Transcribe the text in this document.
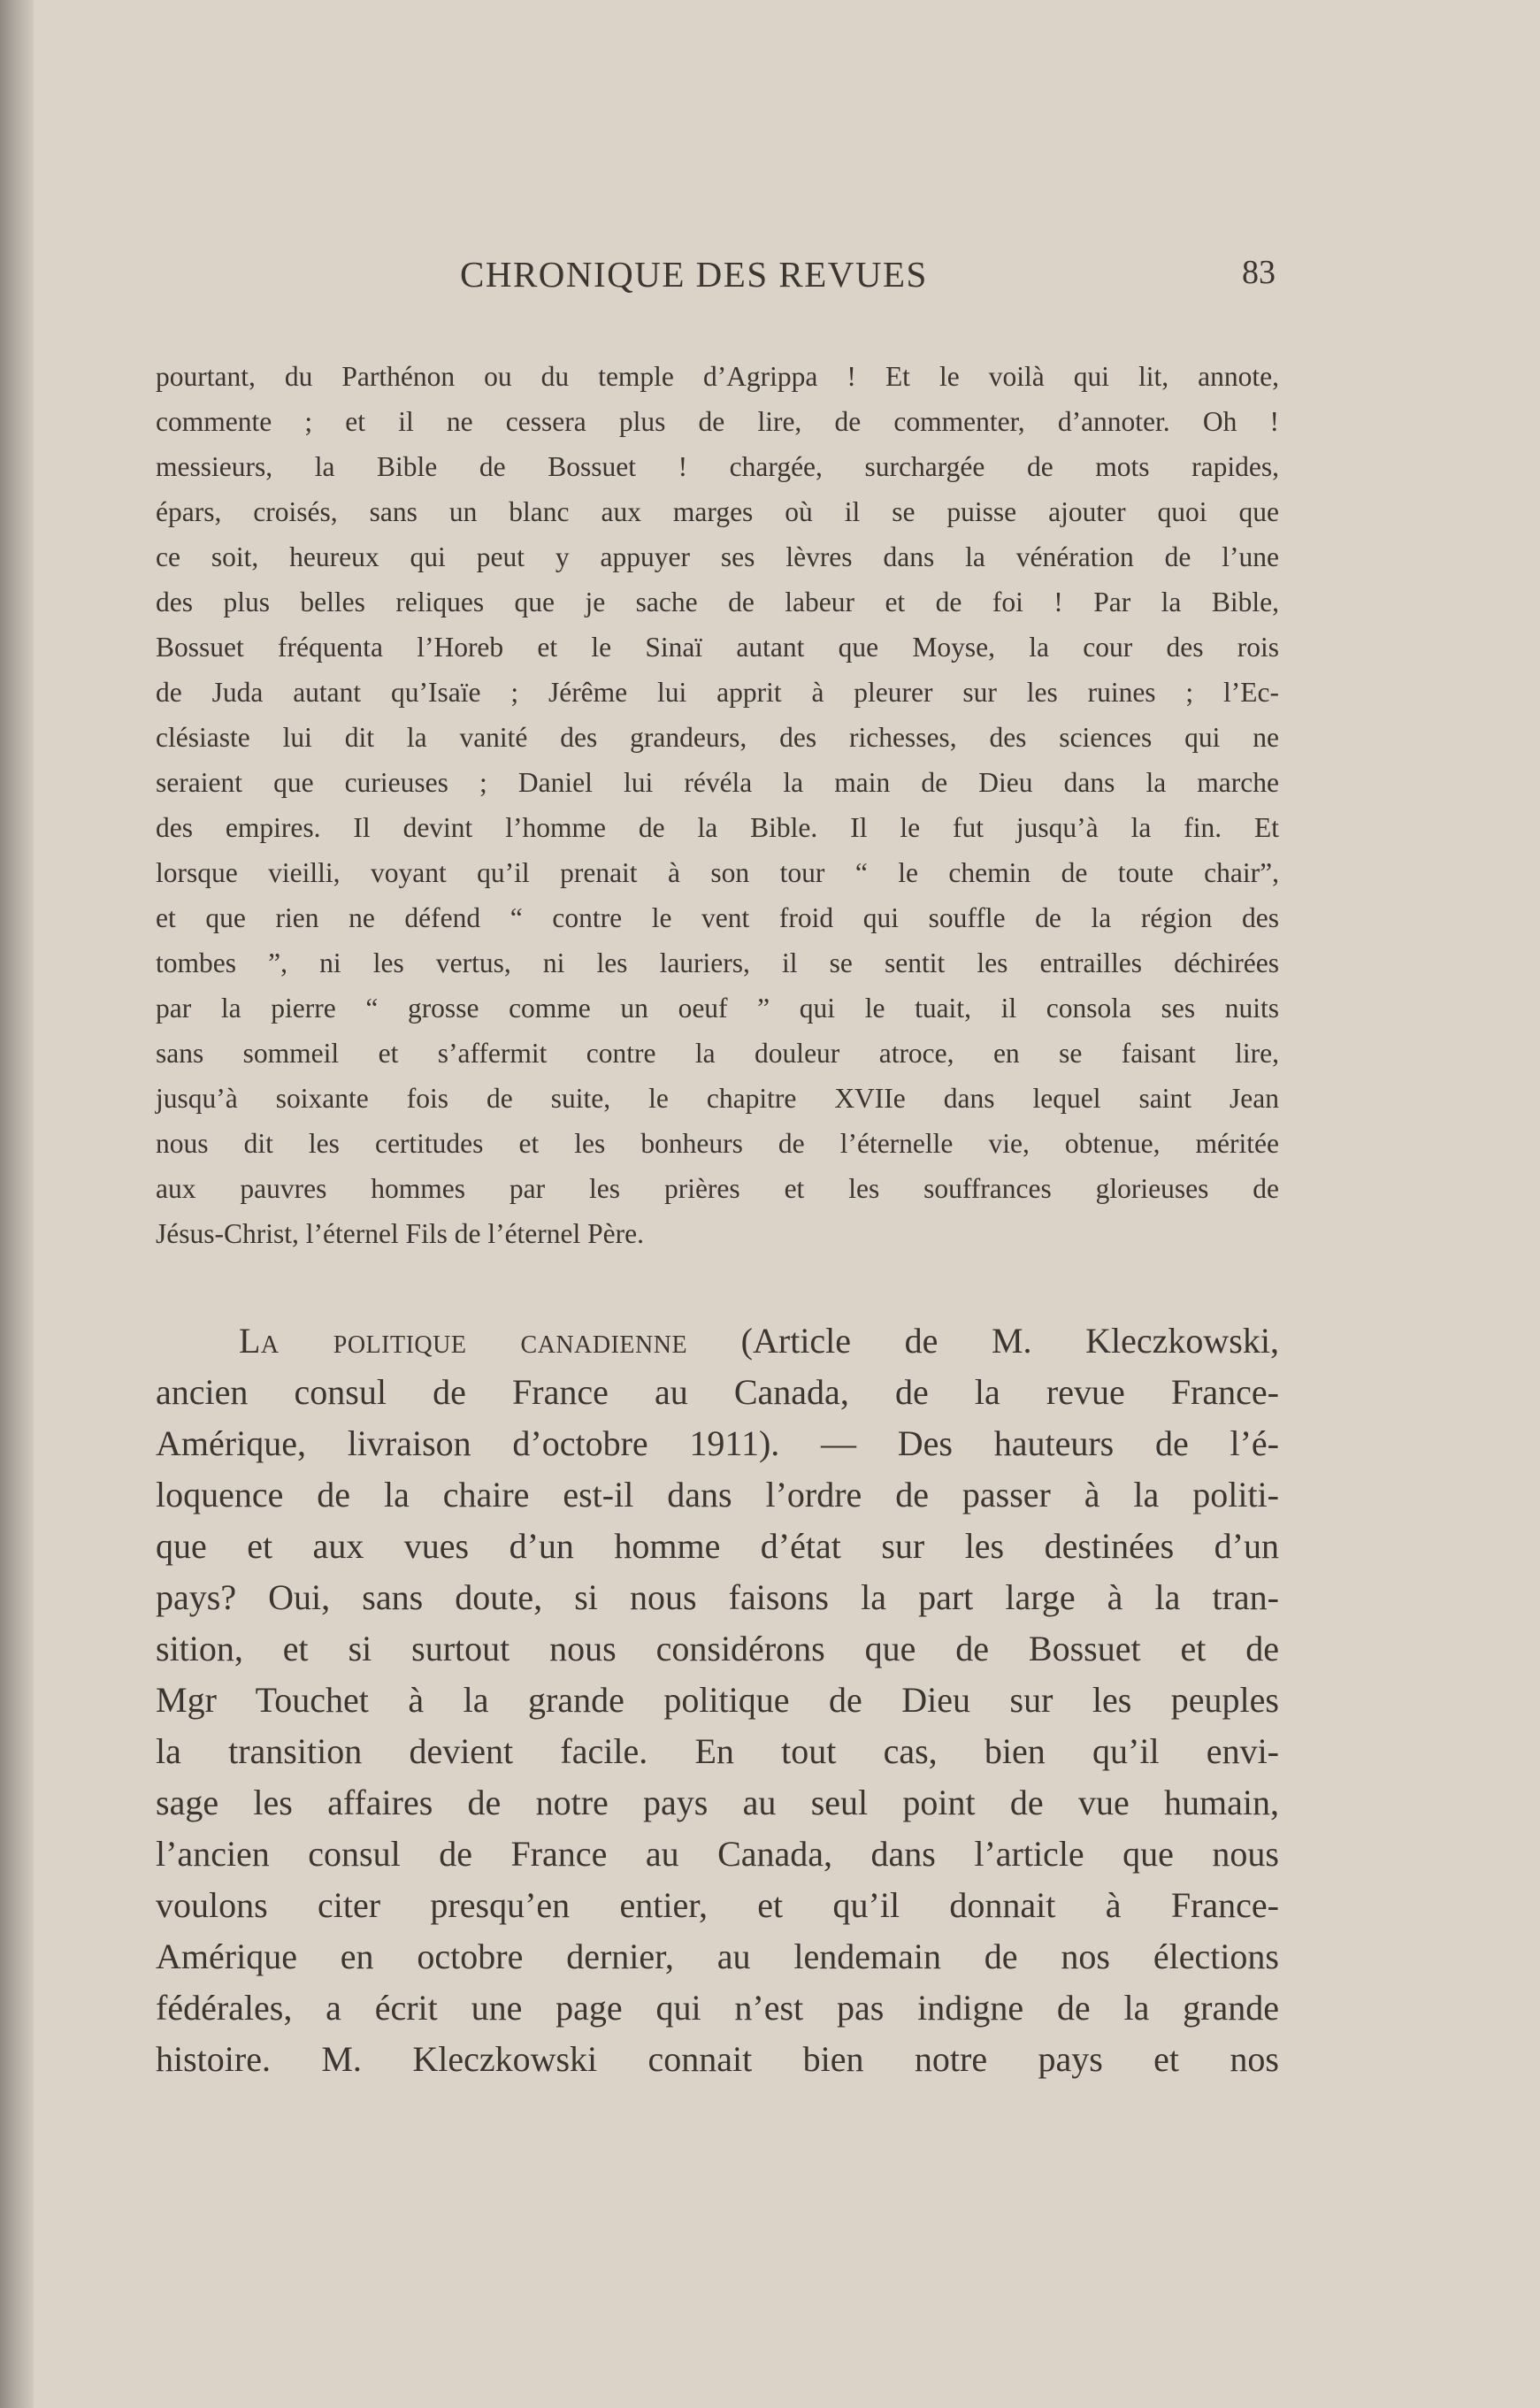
CHRONIQUE DES REVUES	83
pourtant, du Parthénon ou du temple d’Agrippa ! Et le voilà qui lit, annote,
commente ; et il ne cessera plus de lire, de commenter, d’annoter. Oh !
messieurs, la Bible de Bossuet ! chargée, surchargée de mots rapides,
épars, croisés, sans un blanc aux marges où il se puisse ajouter quoi que
ce soit, heureux qui peut y appuyer ses lèvres dans la vénération de l’une
des plus belles reliques que je sache de labeur et de foi ! Par la Bible,
Bossuet fréquenta l’Horeb et le Sinaï autant que Moyse, la cour des rois
de Juda autant qu’Isaïe ; Jérême lui apprit à pleurer sur les ruines ; l’Ec-
clésiaste lui dit la vanité des grandeurs, des richesses, des sciences qui ne
seraient que curieuses ; Daniel lui révéla la main de Dieu dans la marche
des empires. Il devint l’homme de la Bible. Il le fut jusqu’à la fin. Et
lorsque vieilli, voyant qu’il prenait à son tour “ le chemin de toute chair”,
et que rien ne défend “ contre le vent froid qui souffle de la région des
tombes ”, ni les vertus, ni les lauriers, il se sentit les entrailles déchirées
par la pierre “ grosse comme un oeuf ” qui le tuait, il consola ses nuits
sans sommeil et s’affermit contre la douleur atroce, en se faisant lire,
jusqu’à soixante fois de suite, le chapitre XVIIe dans lequel saint Jean
nous dit les certitudes et les bonheurs de l’éternelle vie, obtenue, méritée
aux pauvres hommes par les prières et les souffrances glorieuses de
Jésus-Christ, l’éternel Fils de l’éternel Père.
La politique canadienne (Article de M. Kleczkowski,
ancien consul de France au Canada, de la revue France-
Amérique, livraison d’octobre 1911). — Des hauteurs de l’é-
loquence de la chaire est-il dans l’ordre de passer à la politi-
que et aux vues d’un homme d’état sur les destinées d’un
pays? Oui, sans doute, si nous faisons la part large à la tran-
sition, et si surtout nous considérons que de Bossuet et de
Mgr Touchet à la grande politique de Dieu sur les peuples
la transition devient facile. En tout cas, bien qu’il envi-
sage les affaires de notre pays au seul point de vue humain,
l’ancien consul de France au Canada, dans l’article que nous
voulons citer presqu’en entier, et qu’il donnait à France-
Amérique en octobre dernier, au lendemain de nos élections
fédérales, a écrit une page qui n’est pas indigne de la grande
histoire. M. Kleczkowski connait bien notre pays et nos
